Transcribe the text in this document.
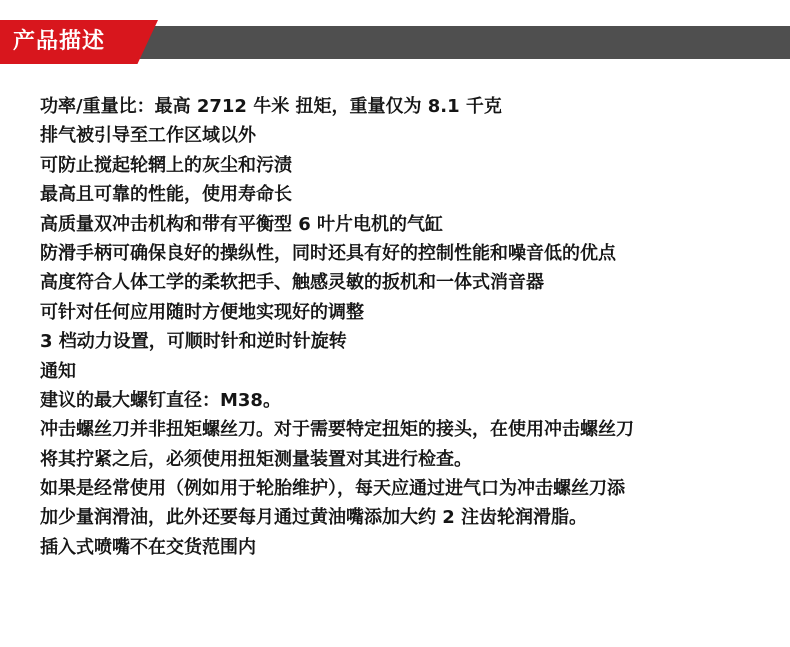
产品描述
功率/重量比：最高 2712 牛米 扭矩，重量仅为 8.1 千克
排气被引导至工作区域以外
可防止搅起轮辋上的灰尘和污渍
最高且可靠的性能，使用寿命长
高质量双冲击机构和带有平衡型 6 叶片电机的气缸
防滑手柄可确保良好的操纵性，同时还具有好的控制性能和噪音低的优点
高度符合人体工学的柔软把手、触感灵敏的扳机和一体式消音器
可针对任何应用随时方便地实现好的调整
3 档动力设置，可顺时针和逆时针旋转
通知
建议的最大螺钉直径：M38。
冲击螺丝刀并非扭矩螺丝刀。对于需要特定扭矩的接头，在使用冲击螺丝刀
将其拧紧之后，必须使用扭矩测量装置对其进行检查。
如果是经常使用（例如用于轮胎维护），每天应通过进气口为冲击螺丝刀添
加少量润滑油，此外还要每月通过黄油嘴添加大约 2 注齿轮润滑脂。
插入式喷嘴不在交货范围内
